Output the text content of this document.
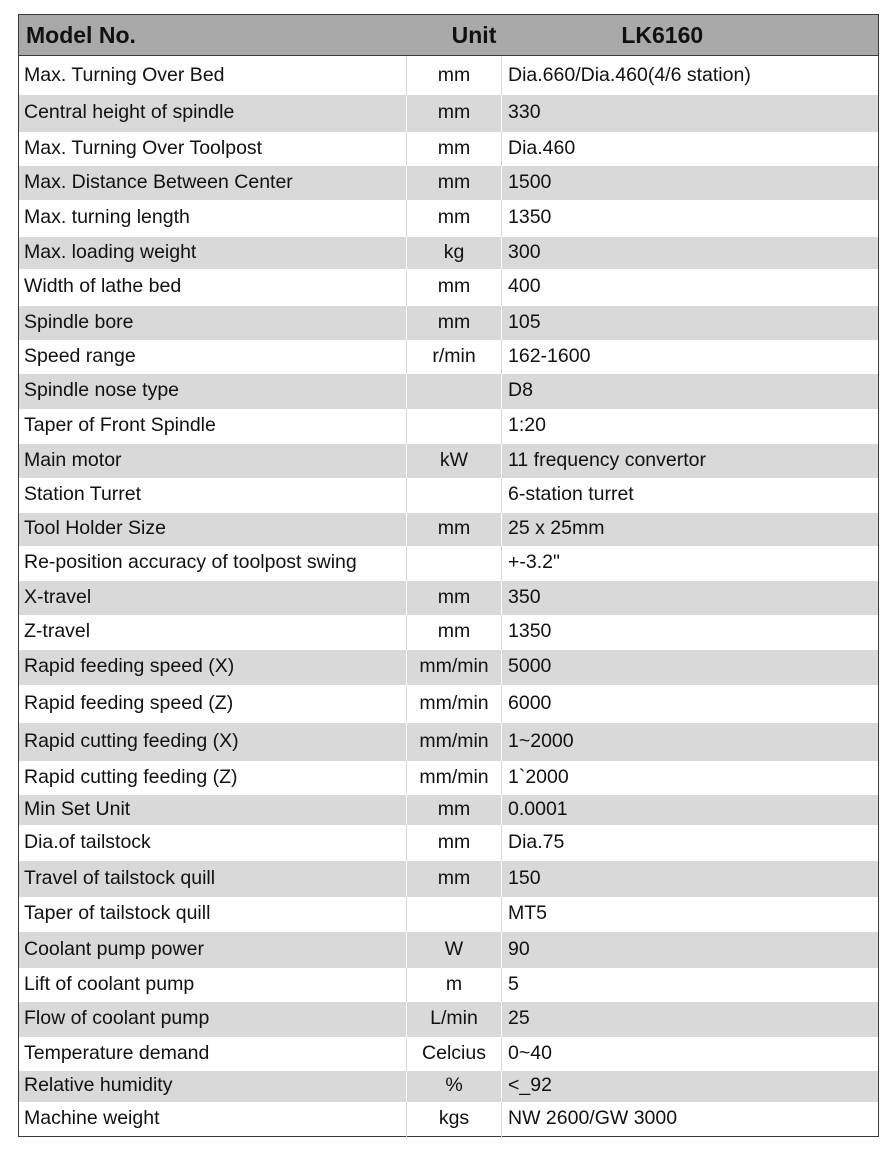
Model No.	Unit	LK6160
Max. Turning Over Bed	mm	Dia.660/Dia.460(4/6 station)
Central height of spindle	mm	330
Max. Turning Over Toolpost	mm	Dia.460
Max. Distance Between Center	mm	1500
Max. turning length	mm	1350
Max. loading weight	kg	300
Width of lathe bed	mm	400
Spindle bore	mm	105
Speed range	r/min	162-1600
Spindle nose type		D8
Taper of Front Spindle		1:20
Main motor	kW	11 frequency convertor
Station Turret		6-station turret
Tool Holder Size	mm	25 x 25mm
Re-position accuracy of toolpost swing		+-3.2"
X-travel	mm	350
Z-travel	mm	1350
Rapid feeding speed (X)	mm/min	5000
Rapid feeding speed (Z)	mm/min	6000
Rapid cutting feeding (X)	mm/min	1~2000
Rapid cutting feeding (Z)	mm/min	1`2000
Min Set Unit	mm	0.0001
Dia.of tailstock	mm	Dia.75
Travel of tailstock quill	mm	150
Taper of tailstock quill		MT5
Coolant pump power	W	90
Lift of coolant pump	m	5
Flow of coolant pump	L/min	25
Temperature demand	Celcius	0~40
Relative humidity	%	<_92
Machine weight	kgs	NW 2600/GW 3000
